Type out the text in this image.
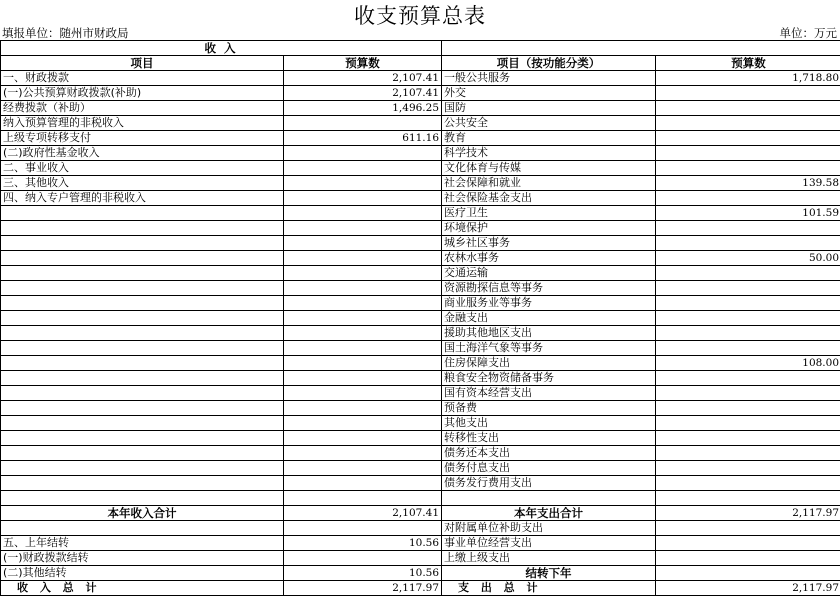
收支预算总表
填报单位：随州市财政局	单位：万元
收 入			
项目	预算数	项目（按功能分类）	预算数
一、财政拨款	2,107.41	一般公共服务	1,718.80
(一)公共预算财政拨款(补助)	2,107.41	外交	
经费拨款（补助）	1,496.25	国防	
纳入预算管理的非税收入		公共安全	
上级专项转移支付	611.16	教育	
(二)政府性基金收入		科学技术	
二、事业收入		文化体育与传媒	
三、其他收入		社会保障和就业	139.58
四、纳入专户管理的非税收入		社会保险基金支出	
		医疗卫生	101.59
		环境保护	
		城乡社区事务	
		农林水事务	50.00
		交通运输	
		资源勘探信息等事务	
		商业服务业等事务	
		金融支出	
		援助其他地区支出	
		国土海洋气象等事务	
		住房保障支出	108.00
		粮食安全物资储备事务	
		国有资本经营支出	
		预备费	
		其他支出	
		转移性支出	
		债务还本支出	
		债务付息支出	
		债务发行费用支出	

本年收入合计	2,107.41	本年支出合计	2,117.97
		对附属单位补助支出	
五、上年结转	10.56	事业单位经营支出	
(一)财政拨款结转		上缴上级支出	
(二)其他结转	10.56	结转下年	
收 入 总 计	2,117.97	支 出 总 计	2,117.97
